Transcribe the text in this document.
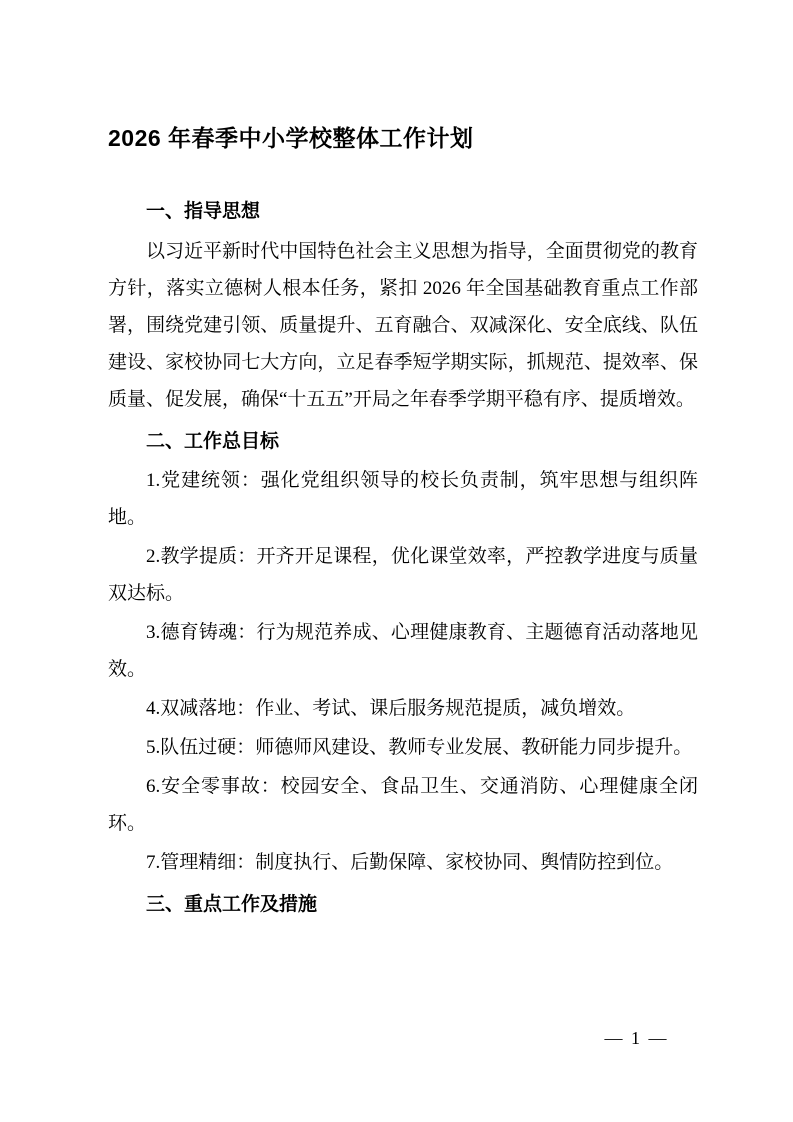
2026 年春季中小学校整体工作计划
一、指导思想

以习近平新时代中国特色社会主义思想为指导，全面贯彻党的教育方针，落实立德树人根本任务，紧扣 2026 年全国基础教育重点工作部署，围绕党建引领、质量提升、五育融合、双减深化、安全底线、队伍建设、家校协同七大方向，立足春季短学期实际，抓规范、提效率、保质量、促发展，确保“十五五”开局之年春季学期平稳有序、提质增效。

二、工作总目标

1.党建统领：强化党组织领导的校长负责制，筑牢思想与组织阵地。

2.教学提质：开齐开足课程，优化课堂效率，严控教学进度与质量双达标。

3.德育铸魂：行为规范养成、心理健康教育、主题德育活动落地见效。

4.双减落地：作业、考试、课后服务规范提质，减负增效。

5.队伍过硬：师德师风建设、教师专业发展、教研能力同步提升。

6.安全零事故：校园安全、食品卫生、交通消防、心理健康全闭环。

7.管理精细：制度执行、后勤保障、家校协同、舆情防控到位。

三、重点工作及措施
— 1 —
